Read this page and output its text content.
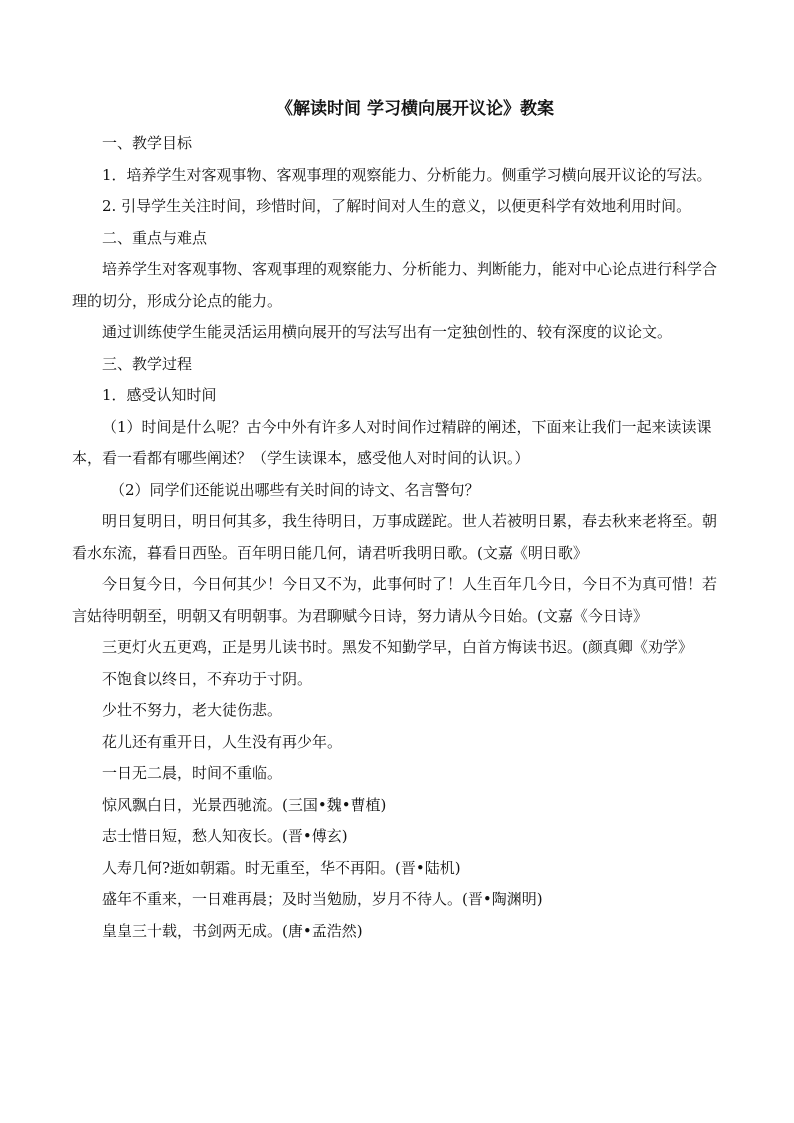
《解读时间 学习横向展开议论》教案

一、教学目标

1．培养学生对客观事物、客观事理的观察能力、分析能力。侧重学习横向展开议论的写法。

2. 引导学生关注时间，珍惜时间，了解时间对人生的意义，以便更科学有效地利用时间。

二、重点与难点

培养学生对客观事物、客观事理的观察能力、分析能力、判断能力，能对中心论点进行科学合理的切分，形成分论点的能力。

通过训练使学生能灵活运用横向展开的写法写出有一定独创性的、较有深度的议论文。

三、教学过程

1．感受认知时间

（1）时间是什么呢？古今中外有许多人对时间作过精辟的阐述，下面来让我们一起来读读课本，看一看都有哪些阐述？（学生读课本，感受他人对时间的认识。）

（2）同学们还能说出哪些有关时间的诗文、名言警句？

明日复明日，明日何其多，我生待明日，万事成蹉跎。世人若被明日累，春去秋来老将至。朝看水东流，暮看日西坠。百年明日能几何，请君听我明日歌。(文嘉《明日歌》

今日复今日，今日何其少！今日又不为，此事何时了！人生百年几今日，今日不为真可惜！若言姑待明朝至，明朝又有明朝事。为君聊赋今日诗，努力请从今日始。(文嘉《今日诗》

三更灯火五更鸡，正是男儿读书时。黑发不知勤学早，白首方悔读书迟。(颜真卿《劝学》

不饱食以终日，不弃功于寸阴。

少壮不努力，老大徒伤悲。

花儿还有重开日，人生没有再少年。

一日无二晨，时间不重临。

惊风飘白日，光景西驰流。(三国•魏•曹植)

志士惜日短，愁人知夜长。(晋•傅玄)

人寿几何?逝如朝霜。时无重至，华不再阳。(晋•陆机)

盛年不重来，一日难再晨；及时当勉励，岁月不待人。(晋•陶渊明)

皇皇三十载，书剑两无成。(唐•孟浩然)
